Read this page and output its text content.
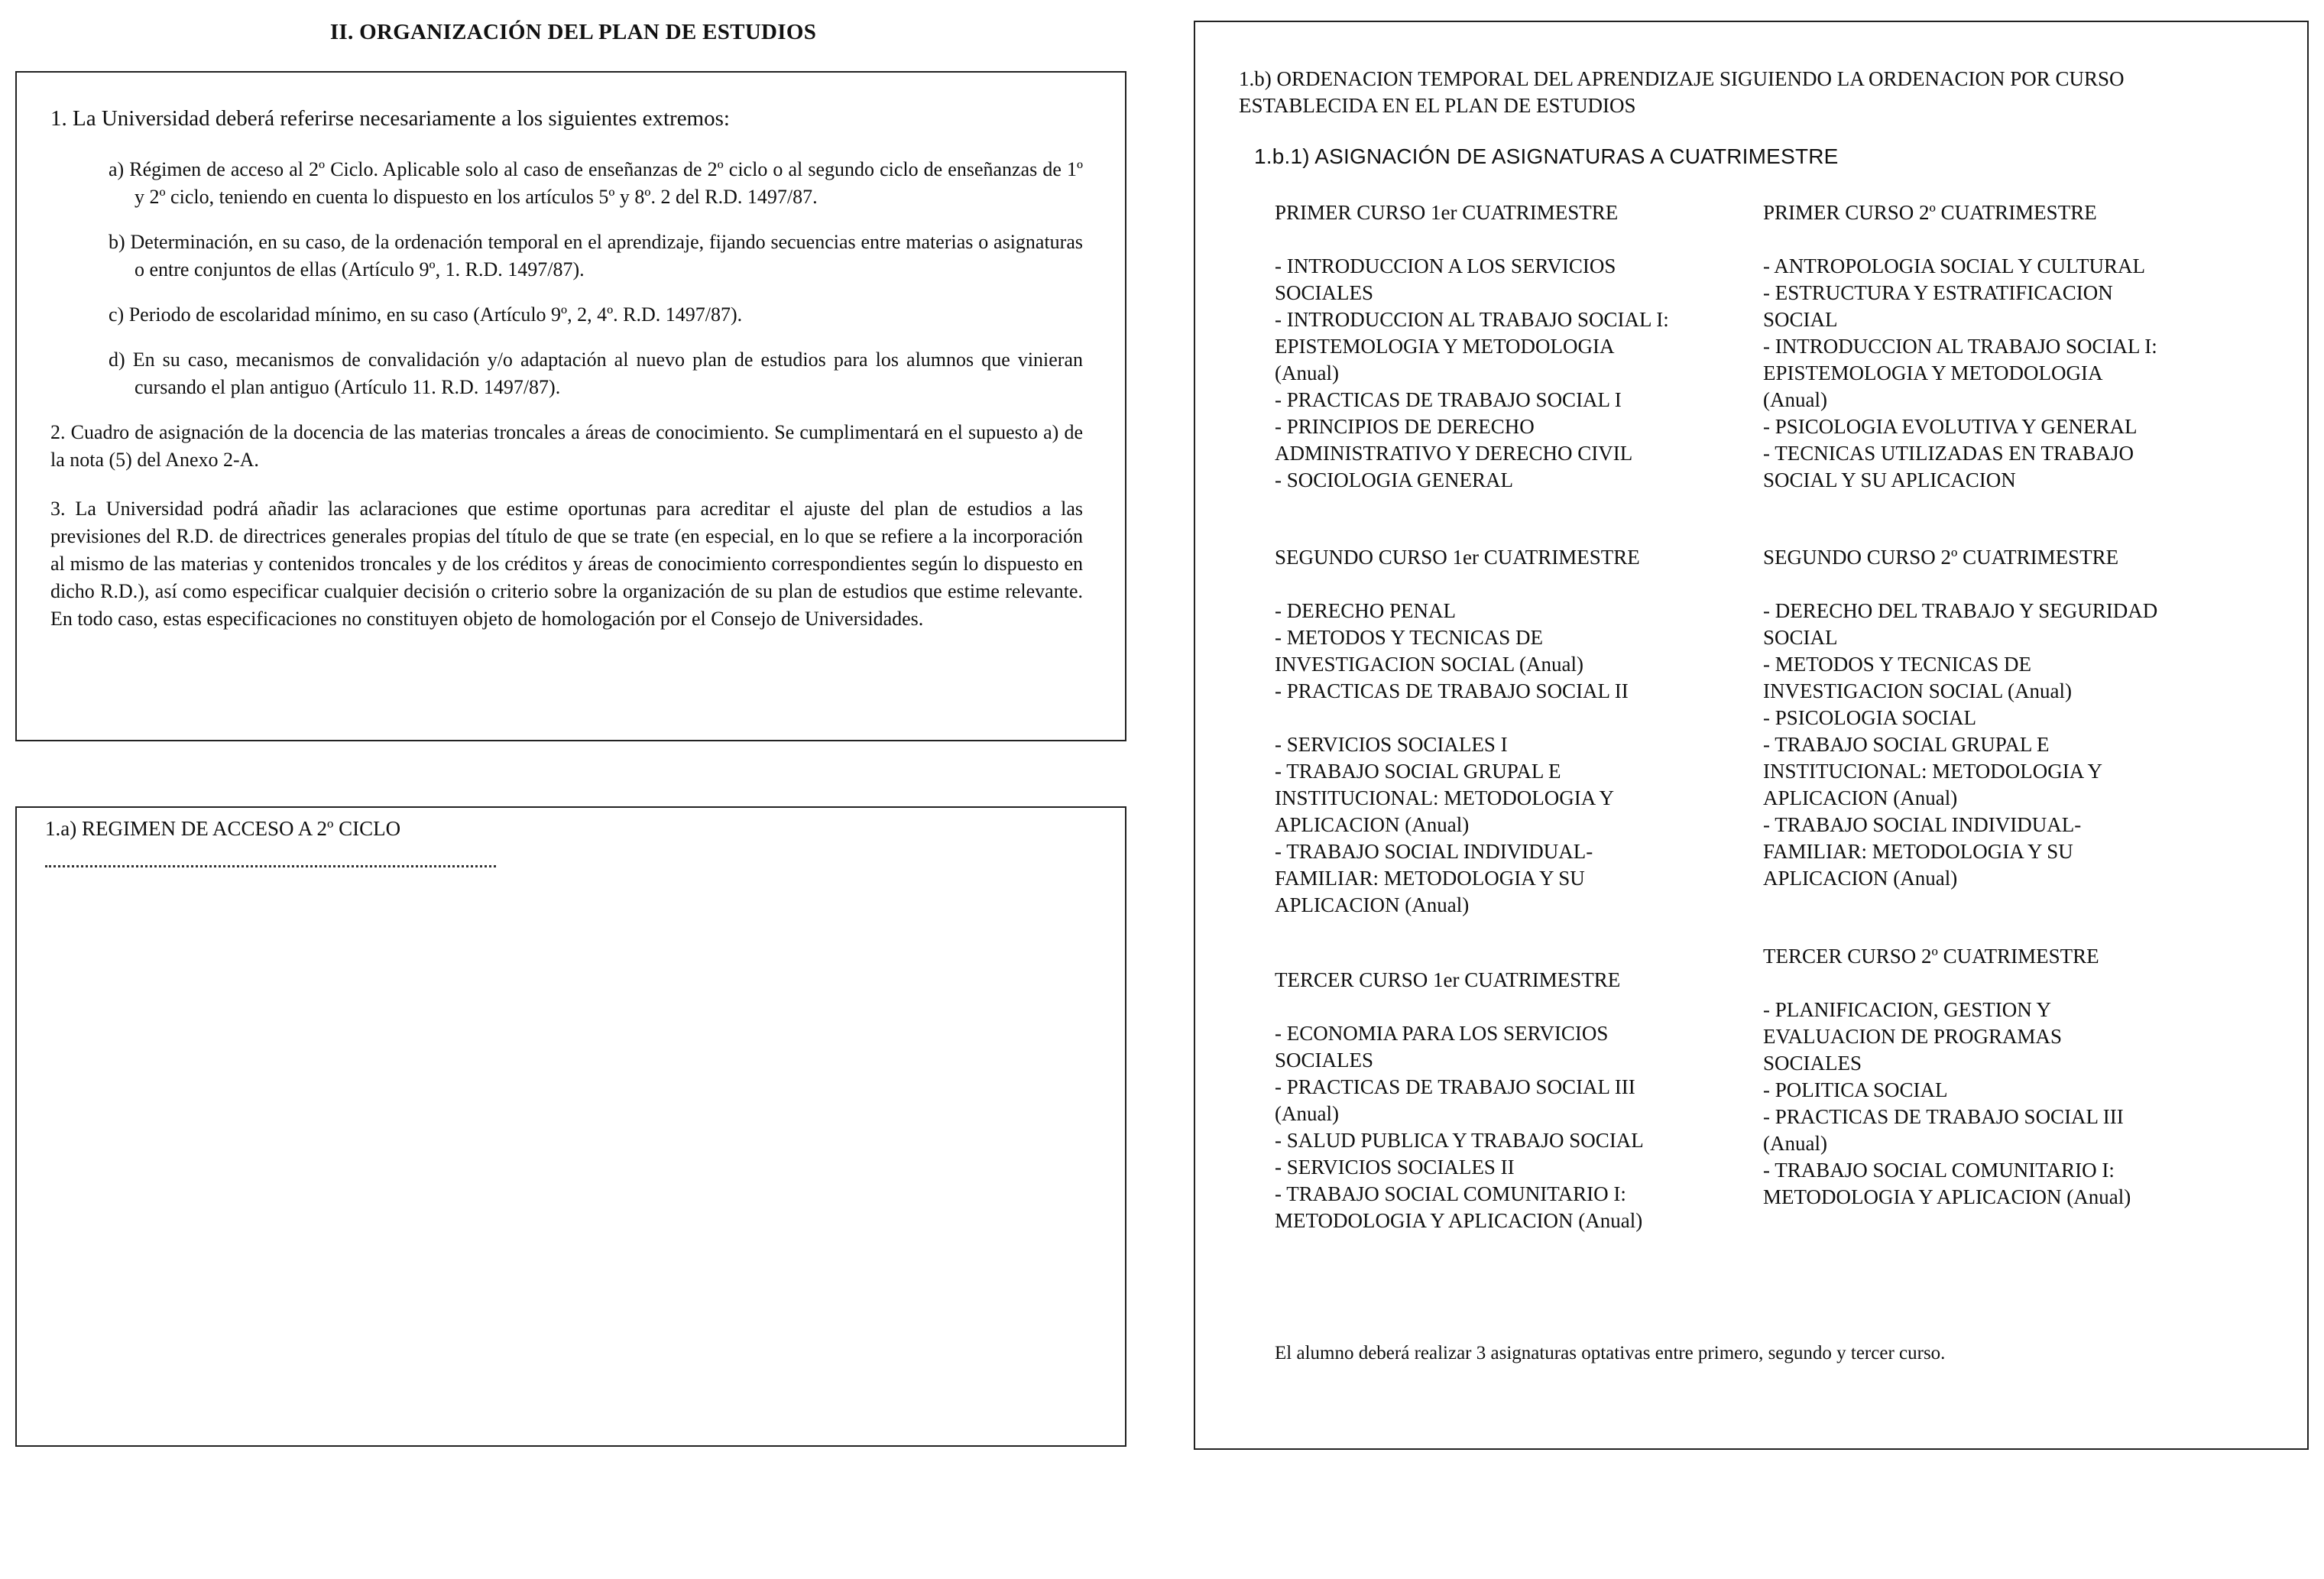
II. ORGANIZACIÓN DEL PLAN DE ESTUDIOS

1. La Universidad deberá referirse necesariamente a los siguientes extremos:

a) Régimen de acceso al 2º Ciclo. Aplicable solo al caso de enseñanzas de 2º ciclo o al segundo ciclo de enseñanzas de 1º y 2º ciclo, teniendo en cuenta lo dispuesto en los artículos 5º y 8º. 2 del R.D. 1497/87.
b) Determinación, en su caso, de la ordenación temporal en el aprendizaje, fijando secuencias entre materias o asignaturas o entre conjuntos de ellas (Artículo 9º, 1. R.D. 1497/87).
c) Periodo de escolaridad mínimo, en su caso (Artículo 9º, 2, 4º. R.D. 1497/87).
d) En su caso, mecanismos de convalidación y/o adaptación al nuevo plan de estudios para los alumnos que vinieran cursando el plan antiguo (Artículo 11. R.D. 1497/87).

2. Cuadro de asignación de la docencia de las materias troncales a áreas de conocimiento. Se cumplimentará en el supuesto a) de la nota (5) del Anexo 2-A.

3. La Universidad podrá añadir las aclaraciones que estime oportunas para acreditar el ajuste del plan de estudios a las previsiones del R.D. de directrices generales propias del título de que se trate (en especial, en lo que se refiere a la incorporación al mismo de las materias y contenidos troncales y de los créditos y áreas de conocimiento correspondientes según lo dispuesto en dicho R.D.), así como especificar cualquier decisión o criterio sobre la organización de su plan de estudios que estime relevante. En todo caso, estas especificaciones no constituyen objeto de homologación por el Consejo de Universidades.

1.a) REGIMEN DE ACCESO A 2º CICLO
1.b) ORDENACION TEMPORAL DEL APRENDIZAJE SIGUIENDO LA ORDENACION POR CURSO ESTABLECIDA EN EL PLAN DE ESTUDIOS
1.b.1) ASIGNACIÓN DE ASIGNATURAS A CUATRIMESTRE
PRIMER CURSO 1er CUATRIMESTRE
- INTRODUCCION A LOS SERVICIOS
SOCIALES
- INTRODUCCION AL TRABAJO SOCIAL I:
EPISTEMOLOGIA Y METODOLOGIA
(Anual)
- PRACTICAS DE TRABAJO SOCIAL I
- PRINCIPIOS DE DERECHO
ADMINISTRATIVO Y DERECHO CIVIL
- SOCIOLOGIA GENERAL
PRIMER CURSO 2º CUATRIMESTRE
- ANTROPOLOGIA SOCIAL Y CULTURAL
- ESTRUCTURA Y ESTRATIFICACION
SOCIAL
- INTRODUCCION AL TRABAJO SOCIAL I:
EPISTEMOLOGIA Y METODOLOGIA
(Anual)
- PSICOLOGIA EVOLUTIVA Y GENERAL
- TECNICAS UTILIZADAS EN TRABAJO
SOCIAL Y SU APLICACION
SEGUNDO CURSO 1er CUATRIMESTRE
- DERECHO PENAL
- METODOS Y TECNICAS DE
INVESTIGACION SOCIAL (Anual)
- PRACTICAS DE TRABAJO SOCIAL II

- SERVICIOS SOCIALES I
- TRABAJO SOCIAL GRUPAL E
INSTITUCIONAL: METODOLOGIA Y
APLICACION (Anual)
- TRABAJO SOCIAL INDIVIDUAL-
FAMILIAR: METODOLOGIA Y SU
APLICACION (Anual)
SEGUNDO CURSO 2º CUATRIMESTRE
- DERECHO DEL TRABAJO Y SEGURIDAD
SOCIAL
- METODOS Y TECNICAS DE
INVESTIGACION SOCIAL (Anual)
- PSICOLOGIA SOCIAL
- TRABAJO SOCIAL GRUPAL E
INSTITUCIONAL: METODOLOGIA Y
APLICACION (Anual)
- TRABAJO SOCIAL INDIVIDUAL-
FAMILIAR: METODOLOGIA Y SU
APLICACION (Anual)
TERCER CURSO 1er CUATRIMESTRE
- ECONOMIA PARA LOS SERVICIOS
SOCIALES
- PRACTICAS DE TRABAJO SOCIAL III
(Anual)
- SALUD PUBLICA Y TRABAJO SOCIAL
- SERVICIOS SOCIALES II
- TRABAJO SOCIAL COMUNITARIO I:
METODOLOGIA Y APLICACION (Anual)
TERCER CURSO 2º CUATRIMESTRE
- PLANIFICACION, GESTION Y
EVALUACION DE PROGRAMAS
SOCIALES
- POLITICA SOCIAL
- PRACTICAS DE TRABAJO SOCIAL III
(Anual)
- TRABAJO SOCIAL COMUNITARIO I:
METODOLOGIA Y APLICACION (Anual)
El alumno deberá realizar 3 asignaturas optativas entre primero, segundo y tercer curso.
